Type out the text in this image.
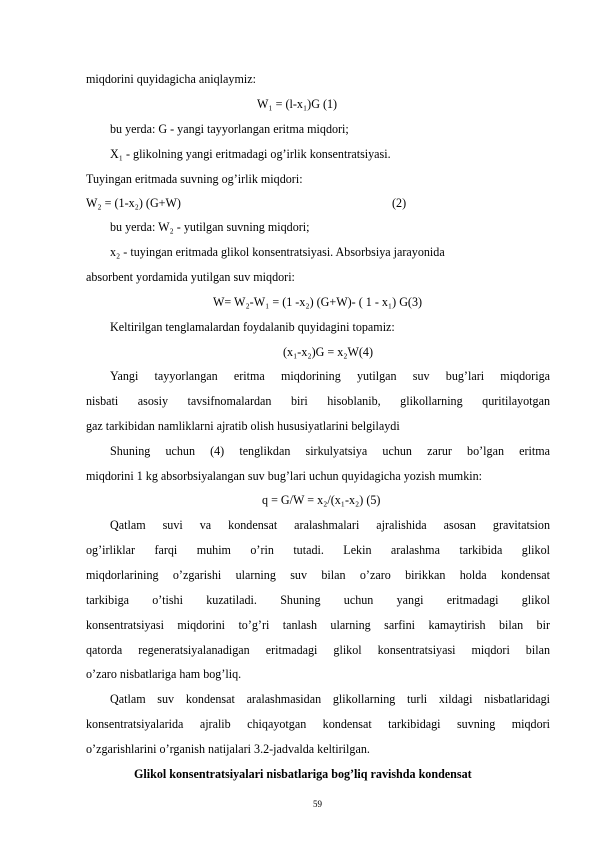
miqdorini quyidagicha aniqlaymiz:
W₁ = (l-x₁)G (1)
bu yerda: G - yangi tayyorlangan eritma miqdori;
X₁ - glikolning yangi eritmadagi og’irlik konsentratsiyasi.
Tuyingan eritmada suvning og’irlik miqdori:
W₂ = (1-x₂) (G+W)	(2)
bu yerda: W₂ - yutilgan suvning miqdori;
x₂ - tuyingan eritmada glikol konsentratsiyasi. Absorbsiya jarayonida
absorbent yordamida yutilgan suv miqdori:
W= W₂-W₁ = (1 -x₂) (G+W)- ( 1 - x₁) G(3)
Keltirilgan tenglamalardan foydalanib quyidagini topamiz:
(x₁-x₂)G = x₂W(4)
Yangi tayyorlangan eritma miqdorining yutilgan suv bug’lari miqdoriga
nisbati asosiy tavsifnomalardan biri hisoblanib, glikollarning quritilayotgan
gaz tarkibidan namliklarni ajratib olish hususiyatlarini belgilaydi
Shuning uchun (4) tenglikdan sirkulyatsiya uchun zarur bo’lgan eritma
miqdorini 1 kg absorbsiyalangan suv bug’lari uchun quyidagicha yozish mumkin:
q = G/W = x₂/(x₁-x₂) (5)
Qatlam suvi va kondensat aralashmalari ajralishida asosan gravitatsion
og’irliklar farqi muhim o’rin tutadi. Lekin aralashma tarkibida glikol
miqdorlarining o’zgarishi ularning suv bilan o’zaro birikkan holda kondensat
tarkibiga o’tishi kuzatiladi. Shuning uchun yangi eritmadagi glikol
konsentratsiyasi miqdorini to’g’ri tanlash ularning sarfini kamaytirish bilan bir
qatorda regeneratsiyalanadigan eritmadagi glikol konsentratsiyasi miqdori bilan
o’zaro nisbatlariga ham bog’liq.
Qatlam suv kondensat aralashmasidan glikollarning turli xildagi nisbatlaridagi
konsentratsiyalarida ajralib chiqayotgan kondensat tarkibidagi suvning miqdori
o’zgarishlarini o’rganish natijalari 3.2-jadvalda keltirilgan.
Glikol konsentratsiyalari nisbatlariga bog’liq ravishda kondensat
59
